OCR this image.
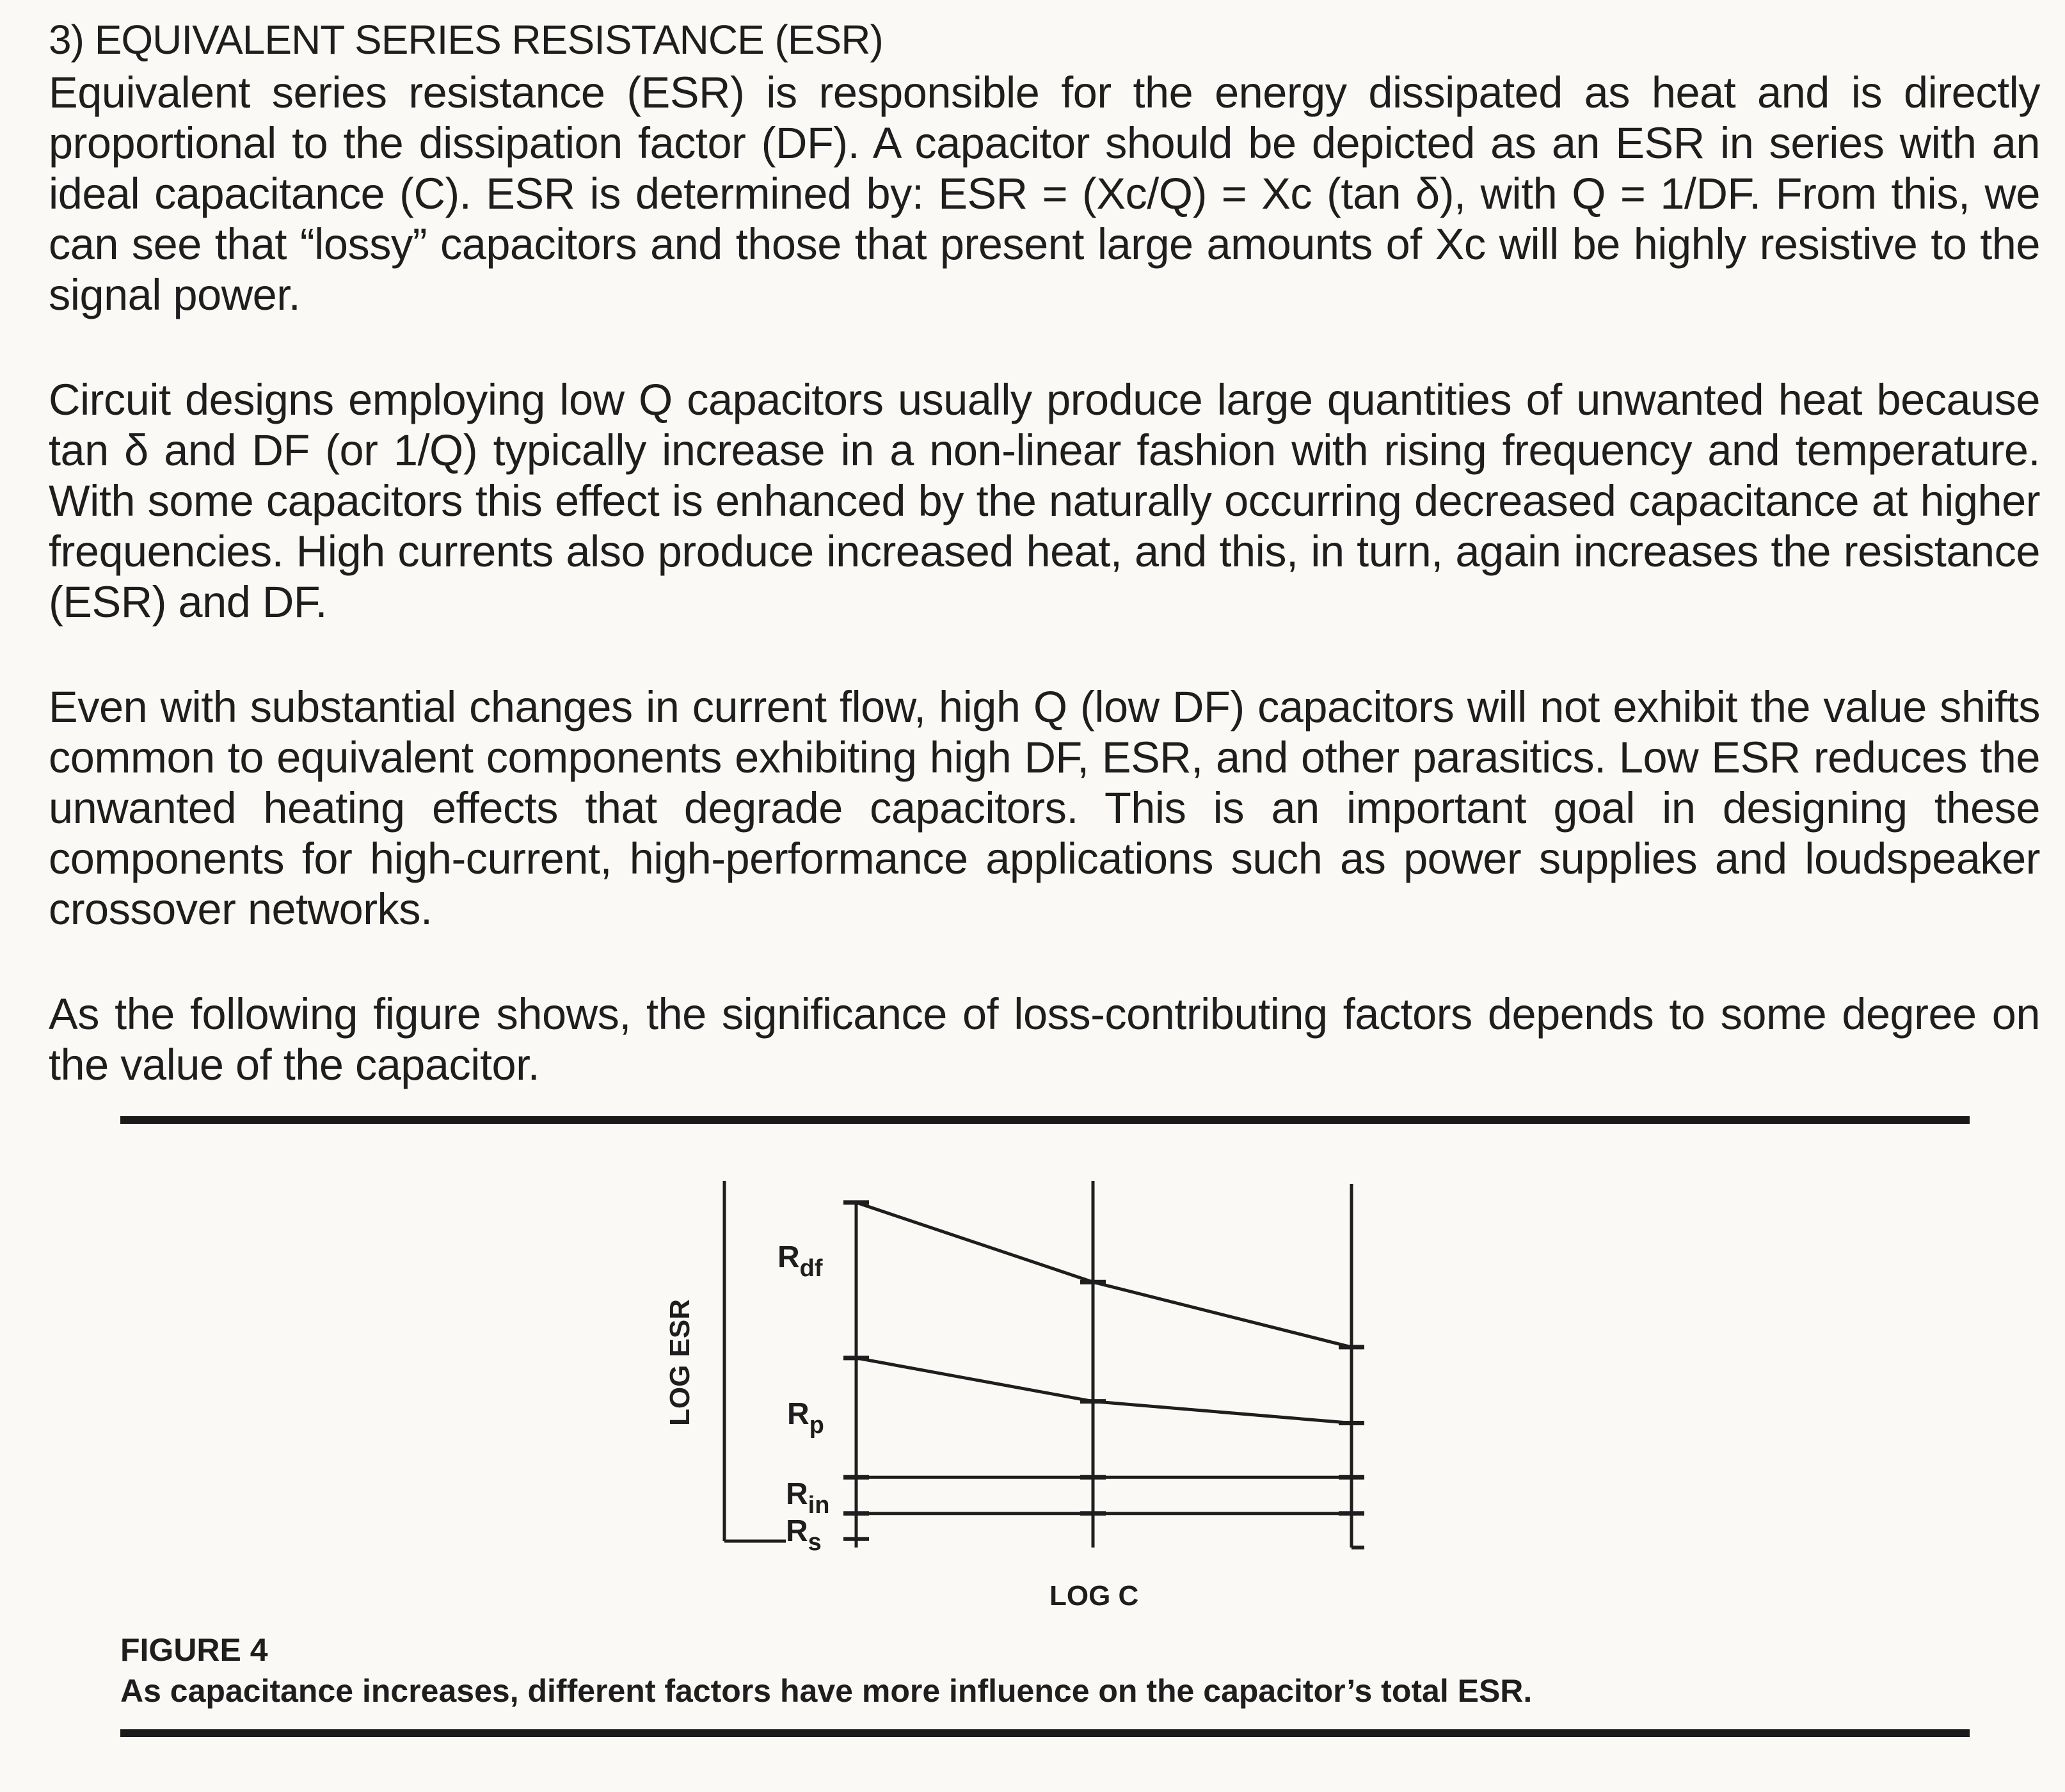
3) EQUIVALENT SERIES RESISTANCE (ESR)

Equivalent series resistance (ESR) is responsible for the energy dissipated as heat and is directly proportional to the dissipation factor (DF). A capacitor should be depicted as an ESR in series with an ideal capacitance (C). ESR is determined by: ESR = (Xc/Q) = Xc (tan δ), with Q = 1/DF. From this, we can see that “lossy” capacitors and those that present large amounts of Xc will be highly resistive to the signal power.

Circuit designs employing low Q capacitors usually produce large quantities of unwanted heat because tan δ and DF (or 1/Q) typically increase in a non-linear fashion with rising frequency and temperature. With some capacitors this effect is enhanced by the naturally occurring decreased capacitance at higher frequencies. High currents also produce increased heat, and this, in turn, again increases the resistance (ESR) and DF.

Even with substantial changes in current flow, high Q (low DF) capacitors will not exhibit the value shifts common to equivalent components exhibiting high DF, ESR, and other parasitics. Low ESR reduces the unwanted heating effects that degrade capacitors. This is an important goal in designing these components for high-current, high-performance applications such as power supplies and loudspeaker crossover networks.

As the following figure shows, the significance of loss-contributing factors depends to some degree on the value of the capacitor.

$R_{df}$
$R_p$
$R_{in}$
$R_s$
LOG ESR
LOG C
FIGURE 4
As capacitance increases, different factors have more influence on the capacitor’s total ESR.
